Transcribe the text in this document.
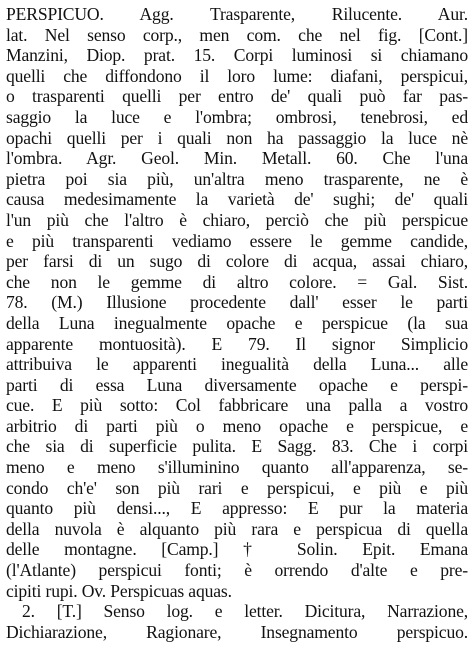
PERSPICUO. Agg. Trasparente, Rilucente. Aur.
lat. Nel senso corp., men com. che nel fig. [Cont.]
Manzini, Diop. prat. 15. Corpi luminosi si chiamano
quelli che diffondono il loro lume: diafani, perspicui,
o trasparenti quelli per entro de' quali può far pas-
saggio la luce e l'ombra; ombrosi, tenebrosi, ed
opachi quelli per i quali non ha passaggio la luce nè
l'ombra. Agr. Geol. Min. Metall. 60. Che l'una
pietra poi sia più, un'altra meno trasparente, ne è
causa medesimamente la varietà de' sughi; de' quali
l'un più che l'altro è chiaro, perciò che più perspicue
e più transparenti vediamo essere le gemme candide,
per farsi di un sugo di colore di acqua, assai chiaro,
che non le gemme di altro colore. = Gal. Sist.
78. (M.) Illusione procedente dall' esser le parti
della Luna inegualmente opache e perspicue (la sua
apparente montuosità). E 79. Il signor Simplicio
attribuiva le apparenti inegualità della Luna... alle
parti di essa Luna diversamente opache e perspi-
cue. E più sotto: Col fabbricare una palla a vostro
arbitrio di parti più o meno opache e perspicue, e
che sia di superficie pulita. E Sagg. 83. Che i corpi
meno e meno s'illuminino quanto all'apparenza, se-
condo ch'e' son più rari e perspicui, e più e più
quanto più densi..., E appresso: E pur la materia
della nuvola è alquanto più rara e perspicua di quella
delle montagne. [Camp.] † Solin. Epit. Emana
(l'Atlante) perspicui fonti; è orrendo d'alte e pre-
cipiti rupi. Ov. Perspicuas aquas.
2. [T.] Senso log. e letter. Dicitura, Narrazione,
Dichiarazione, Ragionare, Insegnamento perspicuo.
